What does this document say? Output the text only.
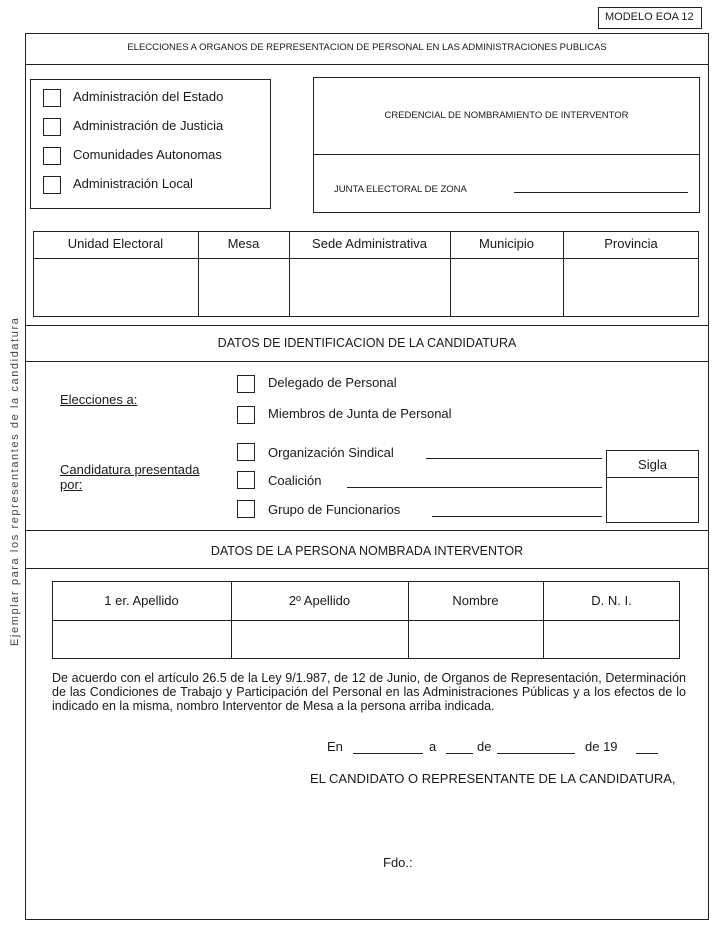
MODELO EOA 12
Ejemplar para los representantes de la candidatura
ELECCIONES A ORGANOS DE REPRESENTACION DE PERSONAL EN LAS ADMINISTRACIONES PUBLICAS
Administración del Estado
Administración de Justicia
Comunidades Autonomas
Administración Local
CREDENCIAL DE NOMBRAMIENTO DE INTERVENTOR
JUNTA ELECTORAL DE ZONA
Unidad Electoral	Mesa	Sede Administrativa	Municipio	Provincia
DATOS DE IDENTIFICACION DE LA CANDIDATURA
Elecciones a:
Delegado de Personal
Miembros de Junta de Personal
Candidatura presentada
por:
Organización Sindical
Coalición
Grupo de Funcionarios
Sigla
DATOS DE LA PERSONA NOMBRADA INTERVENTOR
1 er. Apellido	2º Apellido	Nombre	D. N. I.
De acuerdo con el artículo 26.5 de la Ley 9/1.987, de 12 de Junio, de Organos de Representación, Determinación de las Condiciones de Trabajo y Participación del Personal en las Administraciones Públicas y a los efectos de lo indicado en la misma, nombro Interventor de Mesa a la persona arriba indicada.
En	a	de	de 19
EL CANDIDATO O REPRESENTANTE DE LA CANDIDATURA,
Fdo.:
